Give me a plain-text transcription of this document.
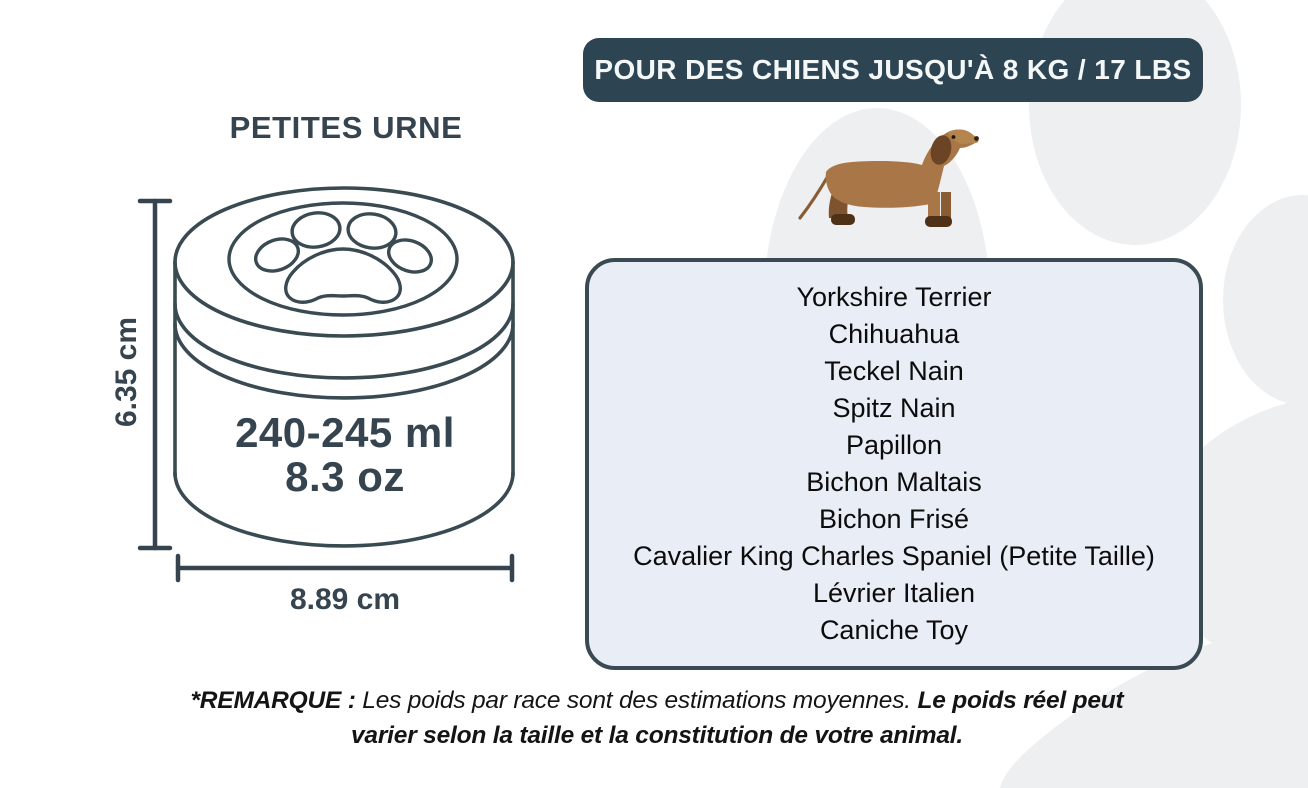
POUR DES CHIENS JUSQU'À 8 KG / 17 LBS
PETITES URNE
240-245 ml
8.3 oz
6.35 cm
8.89 cm
Yorkshire Terrier
Chihuahua
Teckel Nain
Spitz Nain
Papillon
Bichon Maltais
Bichon Frisé
Cavalier King Charles Spaniel (Petite Taille)
Lévrier Italien
Caniche Toy
*REMARQUE : Les poids par race sont des estimations moyennes. Le poids réel peut
varier selon la taille et la constitution de votre animal.
